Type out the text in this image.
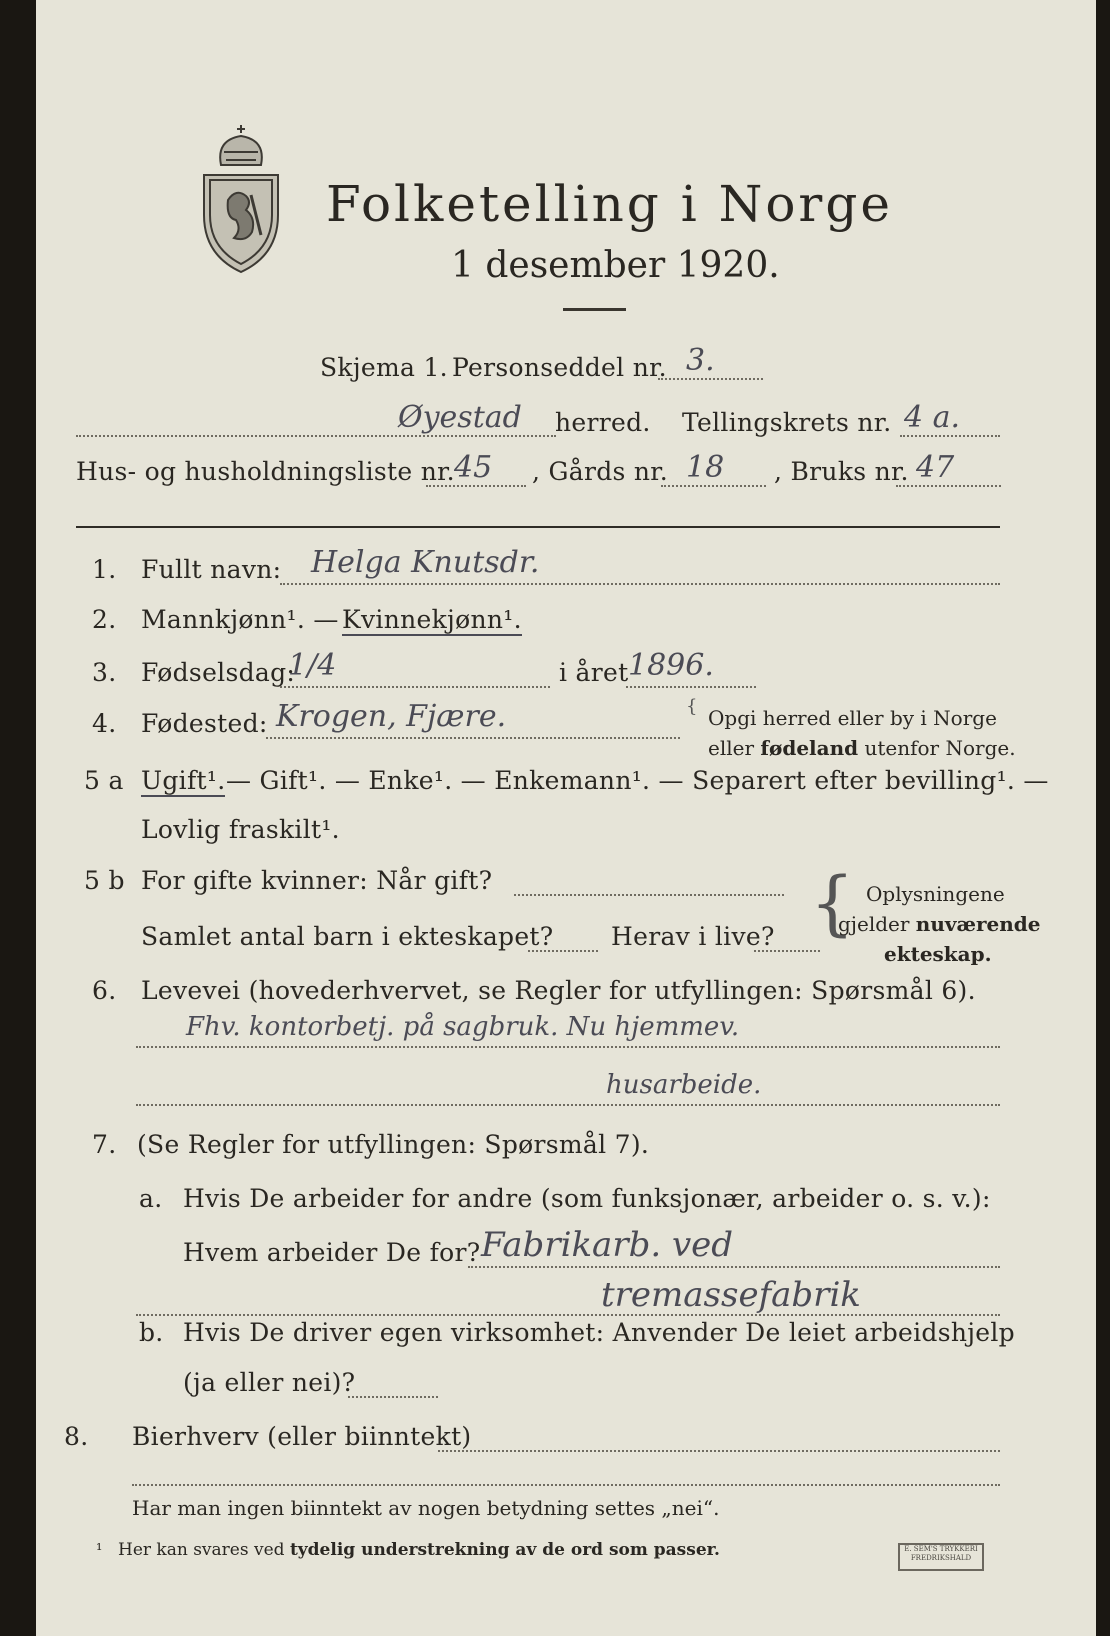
Folketelling i Norge
1 desember 1920.
Skjema 1. Personseddel nr. 3.
Øyestad herred. Tellingskrets nr. 4 a.
Hus- og husholdningsliste nr. 45 , Gårds nr. 18 , Bruks nr. 47
1. Fullt navn: Helga Knutsdr.
2. Mannkjønn¹. — Kvinnekjønn¹.
3. Fødselsdag:
1/4	i året 1896.
4. Fødested: Krogen, Fjære.	{ Opgi herred eller by i Norge
eller fødeland utenfor Norge.
5 a Ugift¹. — Gift¹. — Enke¹. — Enkemann¹. — Separert efter bevilling¹. —
Lovlig fraskilt¹.
5 b For gifte kvinner: Når gift?
Samlet antal barn i ekteskapet? Herav i live? { Oplysningene
gjelder nuværende
ekteskap.
6. Levevei (hovederhvervet, se Regler for utfyllingen: Spørsmål 6).
Fhv. kontorbetj. på sagbruk. Nu hjemmev.
husarbeide.
7. (Se Regler for utfyllingen: Spørsmål 7).
a. Hvis De arbeider for andre (som funksjonær, arbeider o. s. v.):
Hvem arbeider De for? Fabrikarb. ved
tremassefabrik
b. Hvis De driver egen virksomhet: Anvender De leiet arbeidshjelp
(ja eller nei)?
8. Bierhverv (eller biinntekt)
Har man ingen biinntekt av nogen betydning settes „nei“.
¹ Her kan svares ved tydelig understrekning av de ord som passer.	E. SEM'S TRYKKERI
FREDRIKSHALD
